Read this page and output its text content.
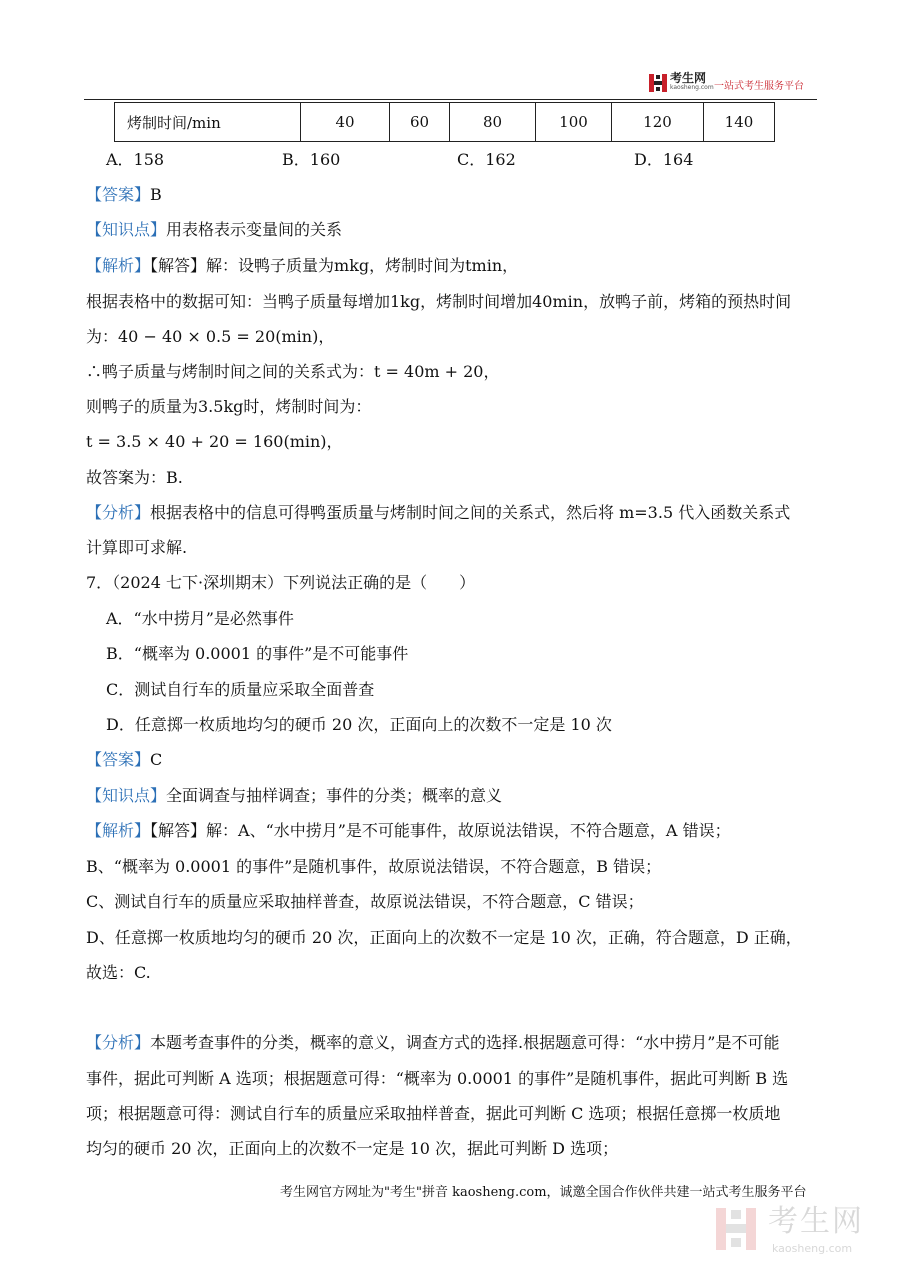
考生网
kaosheng.com 一站式考生服务平台
烤制时间/min	40	60	80	100	120	140
A．158	B．160	C．162	D．164
【答案】B
【知识点】用表格表示变量间的关系
【解析】【解答】解：设鸭子质量为mkg，烤制时间为tmin，
根据表格中的数据可知：当鸭子质量每增加1kg，烤制时间增加40min，放鸭子前，烤箱的预热时间
为：40 − 40 × 0.5 = 20(min)，
∴鸭子质量与烤制时间之间的关系式为：t = 40m + 20，
则鸭子的质量为3.5kg时，烤制时间为：
t = 3.5 × 40 + 20 = 160(min)，
故答案为：B.
【分析】根据表格中的信息可得鸭蛋质量与烤制时间之间的关系式，然后将 m=3.5 代入函数关系式
计算即可求解.
7．（2024 七下·深圳期末）下列说法正确的是（　　）
A．“水中捞月”是必然事件
B．“概率为 0.0001 的事件”是不可能事件
C．测试自行车的质量应采取全面普查
D．任意掷一枚质地均匀的硬币 20 次，正面向上的次数不一定是 10 次
【答案】C
【知识点】全面调查与抽样调查；事件的分类；概率的意义
【解析】【解答】解：A、“水中捞月”是不可能事件，故原说法错误，不符合题意，A 错误；
B、“概率为 0.0001 的事件”是随机事件，故原说法错误，不符合题意，B 错误；
C、测试自行车的质量应采取抽样普查，故原说法错误，不符合题意，C 错误；
D、任意掷一枚质地均匀的硬币 20 次，正面向上的次数不一定是 10 次，正确，符合题意，D 正确，
故选：C.
【分析】本题考查事件的分类，概率的意义，调查方式的选择.根据题意可得：“水中捞月”是不可能
事件，据此可判断 A 选项；根据题意可得：“概率为 0.0001 的事件”是随机事件，据此可判断 B 选
项；根据题意可得：测试自行车的质量应采取抽样普查，据此可判断 C 选项；根据任意掷一枚质地
均匀的硬币 20 次，正面向上的次数不一定是 10 次，据此可判断 D 选项；
考生网官方网址为"考生"拼音 kaosheng.com，诚邀全国合作伙伴共建一站式考生服务平台
考生网
kaosheng.com
